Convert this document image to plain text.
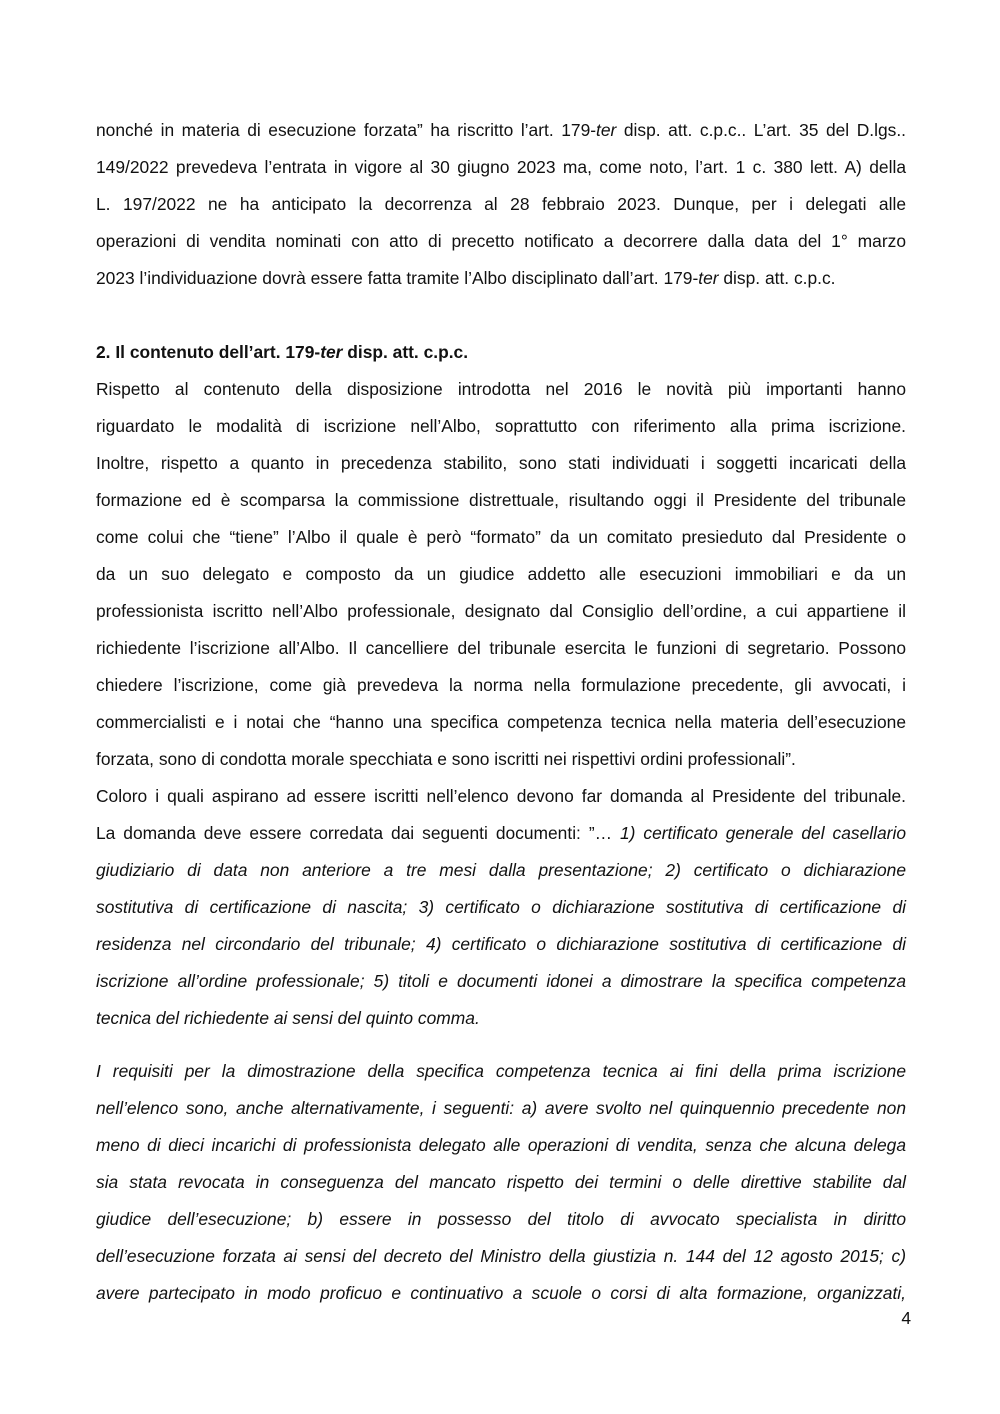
nonché in materia di esecuzione forzata” ha riscritto l’art. 179-ter disp. att. c.p.c.. L’art. 35 del D.lgs..
149/2022 prevedeva l’entrata in vigore al 30 giugno 2023 ma, come noto, l’art. 1 c. 380 lett. A) della
L. 197/2022 ne ha anticipato la decorrenza al 28 febbraio 2023. Dunque, per i delegati alle
operazioni di vendita nominati con atto di precetto notificato a decorrere dalla data del 1° marzo
2023 l’individuazione dovrà essere fatta tramite l’Albo disciplinato dall’art. 179-ter disp. att. c.p.c.
2. Il contenuto dell’art. 179-ter disp. att. c.p.c.
Rispetto al contenuto della disposizione introdotta nel 2016 le novità più importanti hanno
riguardato le modalità di iscrizione nell’Albo, soprattutto con riferimento alla prima iscrizione.
Inoltre, rispetto a quanto in precedenza stabilito, sono stati individuati i soggetti incaricati della
formazione ed è scomparsa la commissione distrettuale, risultando oggi il Presidente del tribunale
come colui che “tiene” l’Albo il quale è però “formato” da un comitato presieduto dal Presidente o
da un suo delegato e composto da un giudice addetto alle esecuzioni immobiliari e da un
professionista iscritto nell’Albo professionale, designato dal Consiglio dell’ordine, a cui appartiene il
richiedente l’iscrizione all’Albo. Il cancelliere del tribunale esercita le funzioni di segretario. Possono
chiedere l’iscrizione, come già prevedeva la norma nella formulazione precedente, gli avvocati, i
commercialisti e i notai che “hanno una specifica competenza tecnica nella materia dell’esecuzione
forzata, sono di condotta morale specchiata e sono iscritti nei rispettivi ordini professionali”.
Coloro i quali aspirano ad essere iscritti nell’elenco devono far domanda al Presidente del tribunale.
La domanda deve essere corredata dai seguenti documenti: ”… 1) certificato generale del casellario
giudiziario di data non anteriore a tre mesi dalla presentazione; 2) certificato o dichiarazione
sostitutiva di certificazione di nascita; 3) certificato o dichiarazione sostitutiva di certificazione di
residenza nel circondario del tribunale; 4) certificato o dichiarazione sostitutiva di certificazione di
iscrizione all’ordine professionale; 5) titoli e documenti idonei a dimostrare la specifica competenza
tecnica del richiedente ai sensi del quinto comma.
I requisiti per la dimostrazione della specifica competenza tecnica ai fini della prima iscrizione
nell’elenco sono, anche alternativamente, i seguenti: a) avere svolto nel quinquennio precedente non
meno di dieci incarichi di professionista delegato alle operazioni di vendita, senza che alcuna delega
sia stata revocata in conseguenza del mancato rispetto dei termini o delle direttive stabilite dal
giudice dell’esecuzione; b) essere in possesso del titolo di avvocato specialista in diritto
dell’esecuzione forzata ai sensi del decreto del Ministro della giustizia n. 144 del 12 agosto 2015; c)
avere partecipato in modo proficuo e continuativo a scuole o corsi di alta formazione, organizzati,
4
